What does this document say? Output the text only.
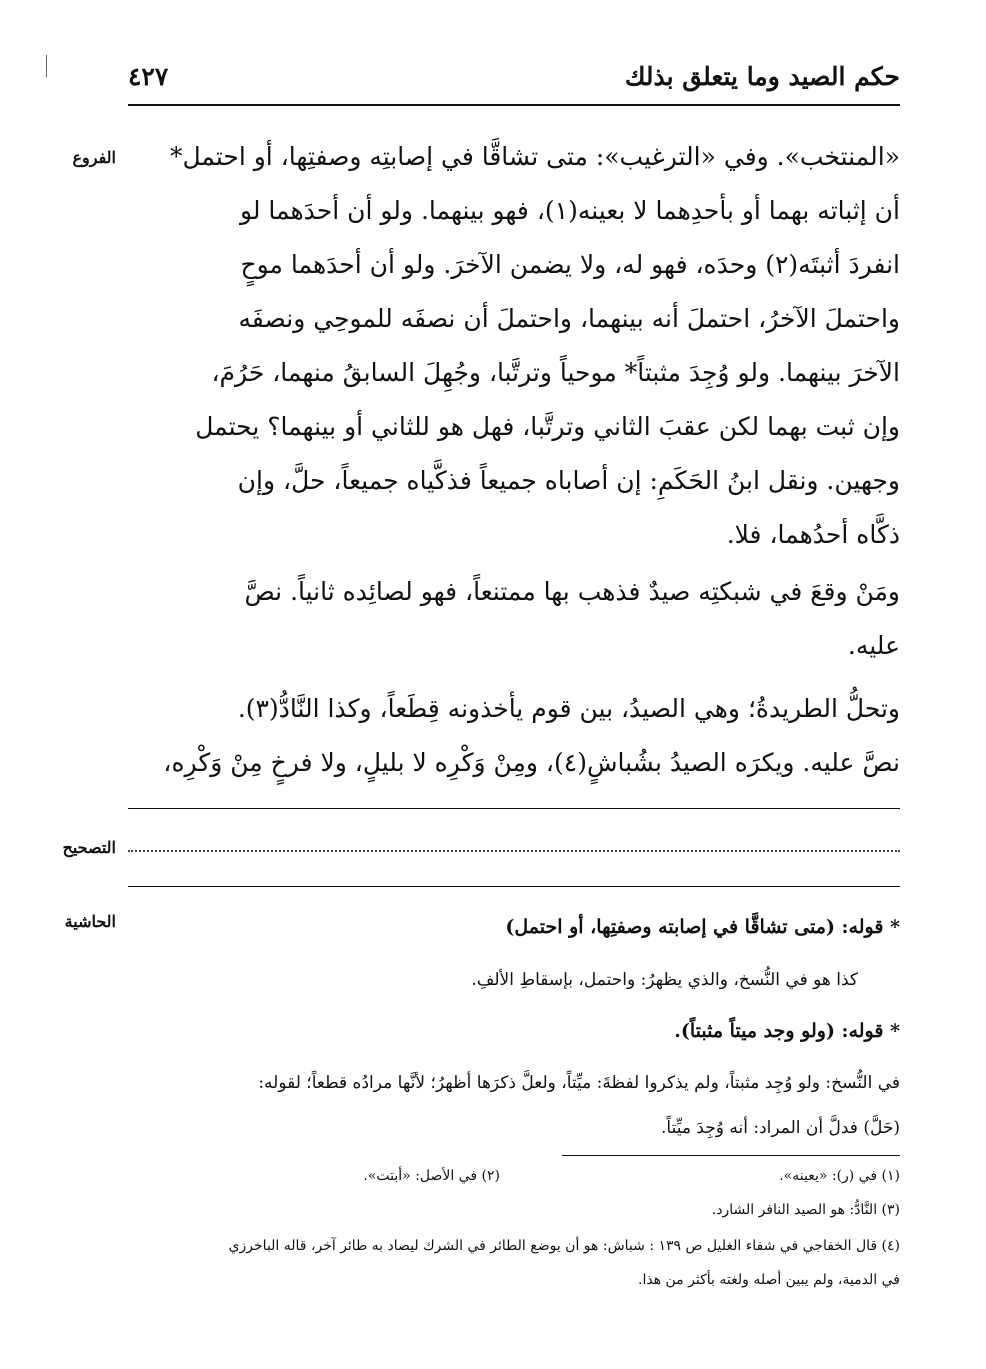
حكم الصيد وما يتعلق بذلك
٤٢٧
الفروع	«المنتخب». وفي «الترغيب»: متى تشاقَّا في إصابتِه وصفتِها، أو احتمل*
أن إثباته بهما أو بأحدِهما لا بعينه(١)، فهو بينهما. ولو أن أحدَهما لو
انفردَ أثبتَه(٢) وحدَه، فهو له، ولا يضمن الآخرَ. ولو أن أحدَهما موحٍ
واحتملَ الآخرُ، احتملَ أنه بينهما، واحتملَ أن نصفَه للموحِي ونصفَه
الآخرَ بينهما. ولو وُجِدَ مثبتاً* موحياً وترتَّبا، وجُهِلَ السابقُ منهما، حَرُمَ،
وإن ثبت بهما لكن عقبَ الثاني وترتَّبا، فهل هو للثاني أو بينهما؟ يحتمل
وجهين. ونقل ابنُ الحَكَمِ: إن أصاباه جميعاً فذكَّياه جميعاً، حلَّ، وإن
ذكَّاه أحدُهما، فلا.
ومَنْ وقعَ في شبكتِه صيدٌ فذهب بها ممتنعاً، فهو لصائِده ثانياً. نصَّ
عليه.
وتحلُّ الطريدةُ؛ وهي الصيدُ، بين قوم يأخذونه قِطَعاً، وكذا النَّادُّ(٣).
نصَّ عليه. ويكرَه الصيدُ بشُباشٍ(٤)، ومِنْ وَكْرِه لا بليلٍ، ولا فرخٍ مِنْ وَكْرِه،
التصحيح
الحاشية	* قوله: (متى تشاقَّا في إصابته وصفتِها، أو احتمل)
كذا هو في النُّسخ، والذي يظهرُ: واحتمل، بإسقاطِ الألفِ.
* قوله: (ولو وجد ميتاً مثبتاً).
في النُّسخ: ولو وُجِد مثبتاً، ولم يذكروا لفظةَ: ميِّتاً، ولعلَّ ذكرَها أظهرُ؛ لأنَّها مرادُه قطعاً؛ لقوله:
(حَلَّ) فدلَّ أن المراد: أنه وُجِدَ ميِّتاً.
(١) في (ر): «يعينه».
(٢) في الأصل: «أبتت».
(٣) النَّادُّ: هو الصيد النافر الشارد.
(٤) قال الخفاجي في شفاء الغليل ص ١٣٩ : شباش: هو أن يوضع الطائر في الشرك ليصاد به طائر آخر، قاله الباخرزي
في الدمية، ولم يبين أصله ولغته بأكثر من هذا.
